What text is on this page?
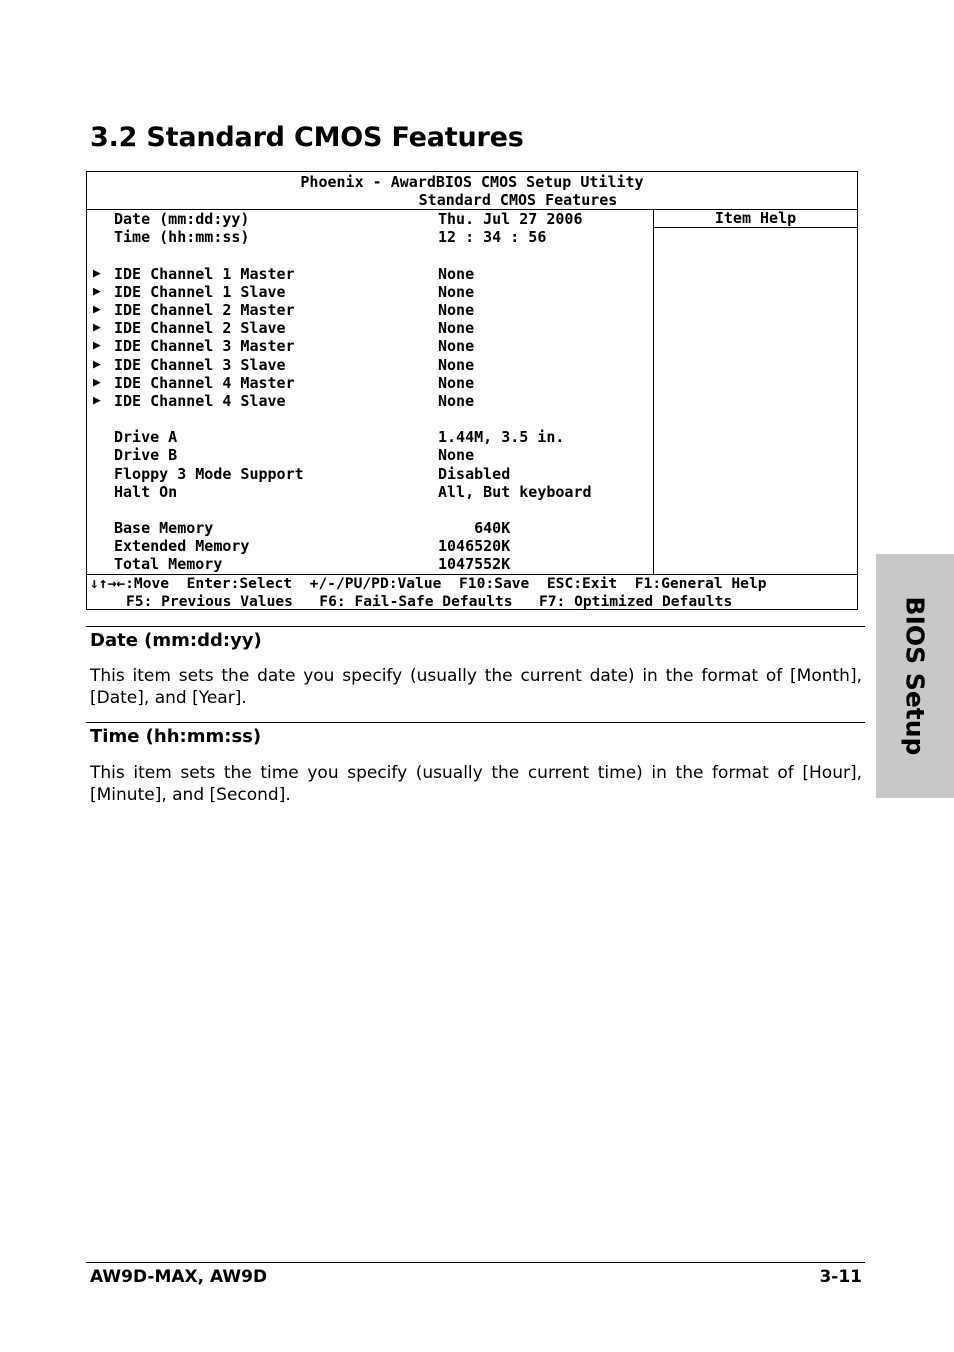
3.2 Standard CMOS Features
BIOS Setup
Phoenix - AwardBIOS CMOS Setup Utility
Standard CMOS Features
Item Help
Date (mm:dd:yy)	Thu. Jul 27 2006
Time (hh:mm:ss)	12 : 34 : 56
▶ IDE Channel 1 Master	None
▶ IDE Channel 1 Slave	None
▶ IDE Channel 2 Master	None
▶ IDE Channel 2 Slave	None
▶ IDE Channel 3 Master	None
▶ IDE Channel 3 Slave	None
▶ IDE Channel 4 Master	None
▶ IDE Channel 4 Slave	None
Drive A	1.44M, 3.5 in.
Drive B	None
Floppy 3 Mode Support	Disabled
Halt On	All, But keyboard
Base Memory	640K
Extended Memory	1046520K
Total Memory	1047552K
↓↑→←:Move  Enter:Select  +/-/PU/PD:Value  F10:Save  ESC:Exit  F1:General Help
F5: Previous Values   F6: Fail-Safe Defaults   F7: Optimized Defaults
Date (mm:dd:yy)

This item sets the date you specify (usually the current date) in the format of [Month], [Date], and [Year].

Time (hh:mm:ss)

This item sets the time you specify (usually the current time) in the format of [Hour], [Minute], and [Second].

AW9D-MAX, AW9D	3-11
